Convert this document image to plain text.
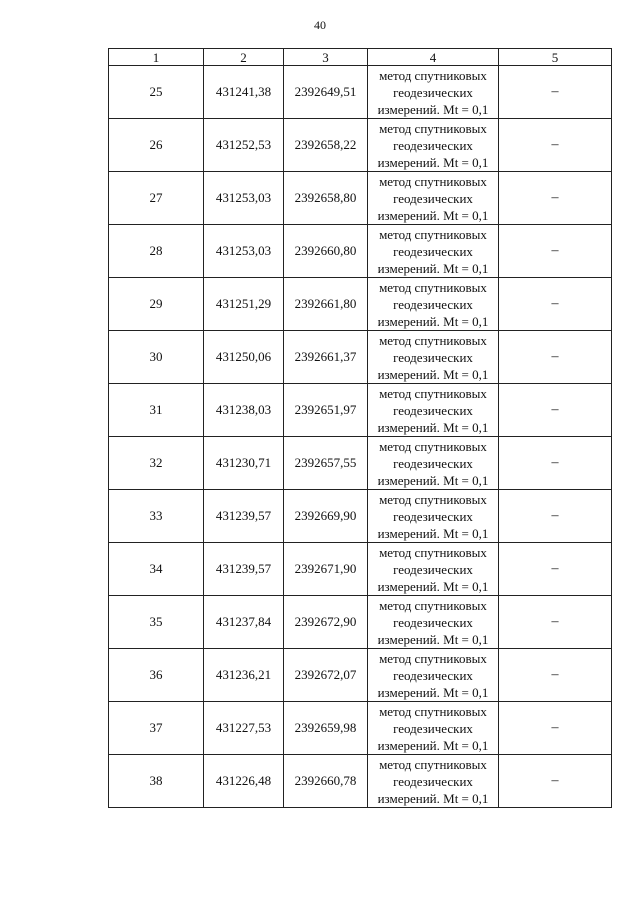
40
1	2	3	4	5
25	431241,38	2392649,51	метод спутниковых
геодезических
измерений. Mt = 0,1	–
26	431252,53	2392658,22	метод спутниковых
геодезических
измерений. Mt = 0,1	–
27	431253,03	2392658,80	метод спутниковых
геодезических
измерений. Mt = 0,1	–
28	431253,03	2392660,80	метод спутниковых
геодезических
измерений. Mt = 0,1	–
29	431251,29	2392661,80	метод спутниковых
геодезических
измерений. Mt = 0,1	–
30	431250,06	2392661,37	метод спутниковых
геодезических
измерений. Mt = 0,1	–
31	431238,03	2392651,97	метод спутниковых
геодезических
измерений. Mt = 0,1	–
32	431230,71	2392657,55	метод спутниковых
геодезических
измерений. Mt = 0,1	–
33	431239,57	2392669,90	метод спутниковых
геодезических
измерений. Mt = 0,1	–
34	431239,57	2392671,90	метод спутниковых
геодезических
измерений. Mt = 0,1	–
35	431237,84	2392672,90	метод спутниковых
геодезических
измерений. Mt = 0,1	–
36	431236,21	2392672,07	метод спутниковых
геодезических
измерений. Mt = 0,1	–
37	431227,53	2392659,98	метод спутниковых
геодезических
измерений. Mt = 0,1	–
38	431226,48	2392660,78	метод спутниковых
геодезических
измерений. Mt = 0,1	–
